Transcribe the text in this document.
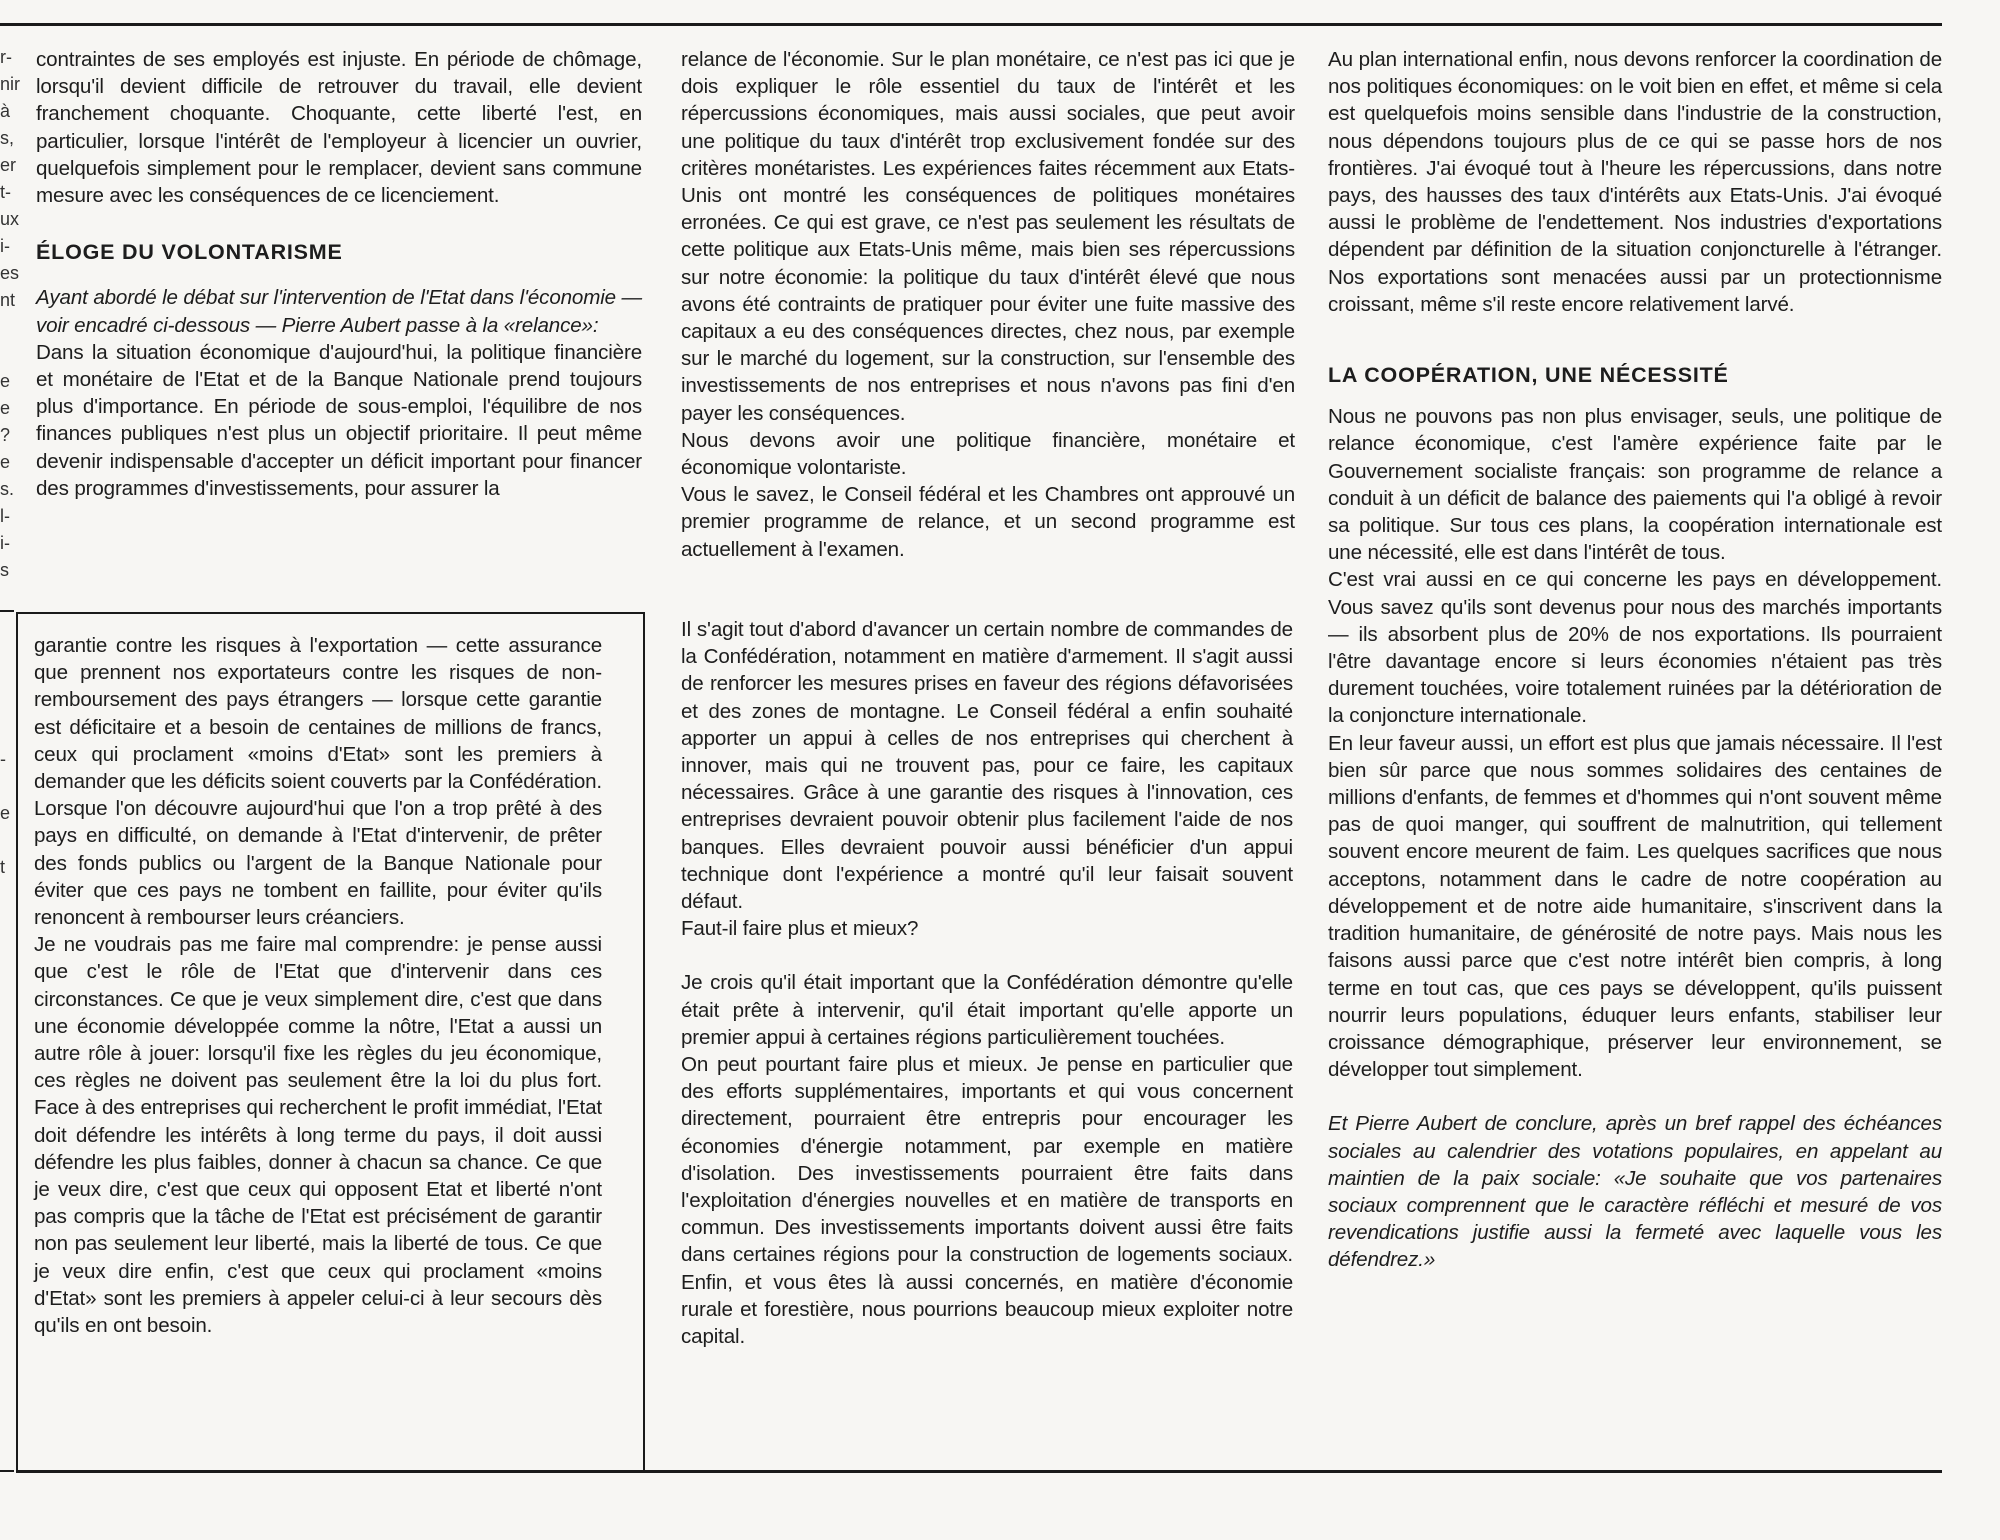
r-
nir
à
s,
er
t-
ux
i-
es
nt
e
e
?
e
s.
l-
i-
s
-
e
t

contraintes de ses employés est injuste. En période de chômage, lorsqu'il devient difficile de retrouver du travail, elle devient franchement choquante. Choquante, cette liberté l'est, en particulier, lorsque l'intérêt de l'employeur à licencier un ouvrier, quelquefois simplement pour le remplacer, devient sans commune mesure avec les conséquences de ce licenciement.

ÉLOGE DU VOLONTARISME

Ayant abordé le débat sur l'intervention de l'Etat dans l'économie — voir encadré ci-dessous — Pierre Aubert passe à la «relance»:

Dans la situation économique d'aujourd'hui, la politique financière et monétaire de l'Etat et de la Banque Nationale prend toujours plus d'importance. En période de sous-emploi, l'équilibre de nos finances publiques n'est plus un objectif prioritaire. Il peut même devenir indispensable d'accepter un déficit important pour financer des programmes d'investissements, pour assurer la

garantie contre les risques à l'exportation — cette assurance que prennent nos exportateurs contre les risques de non-remboursement des pays étrangers — lorsque cette garantie est déficitaire et a besoin de centaines de millions de francs, ceux qui proclament «moins d'Etat» sont les premiers à demander que les déficits soient couverts par la Confédération. Lorsque l'on découvre aujourd'hui que l'on a trop prêté à des pays en difficulté, on demande à l'Etat d'intervenir, de prêter des fonds publics ou l'argent de la Banque Nationale pour éviter que ces pays ne tombent en faillite, pour éviter qu'ils renoncent à rembourser leurs créanciers.

Je ne voudrais pas me faire mal comprendre: je pense aussi que c'est le rôle de l'Etat que d'intervenir dans ces circonstances. Ce que je veux simplement dire, c'est que dans une économie développée comme la nôtre, l'Etat a aussi un autre rôle à jouer: lorsqu'il fixe les règles du jeu économique, ces règles ne doivent pas seulement être la loi du plus fort. Face à des entreprises qui recherchent le profit immédiat, l'Etat doit défendre les intérêts à long terme du pays, il doit aussi défendre les plus faibles, donner à chacun sa chance. Ce que je veux dire, c'est que ceux qui opposent Etat et liberté n'ont pas compris que la tâche de l'Etat est précisément de garantir non pas seulement leur liberté, mais la liberté de tous. Ce que je veux dire enfin, c'est que ceux qui proclament «moins d'Etat» sont les premiers à appeler celui-ci à leur secours dès qu'ils en ont besoin.

relance de l'économie. Sur le plan monétaire, ce n'est pas ici que je dois expliquer le rôle essentiel du taux de l'intérêt et les répercussions économiques, mais aussi sociales, que peut avoir une politique du taux d'intérêt trop exclusivement fondée sur des critères monétaristes. Les expériences faites récemment aux Etats-Unis ont montré les conséquences de politiques monétaires erronées. Ce qui est grave, ce n'est pas seulement les résultats de cette politique aux Etats-Unis même, mais bien ses répercussions sur notre économie: la politique du taux d'intérêt élevé que nous avons été contraints de pratiquer pour éviter une fuite massive des capitaux a eu des conséquences directes, chez nous, par exemple sur le marché du logement, sur la construction, sur l'ensemble des investissements de nos entreprises et nous n'avons pas fini d'en payer les conséquences.

Nous devons avoir une politique financière, monétaire et économique volontariste.

Vous le savez, le Conseil fédéral et les Chambres ont approuvé un premier programme de relance, et un second programme est actuellement à l'examen.

Il s'agit tout d'abord d'avancer un certain nombre de commandes de la Confédération, notamment en matière d'armement. Il s'agit aussi de renforcer les mesures prises en faveur des régions défavorisées et des zones de montagne. Le Conseil fédéral a enfin souhaité apporter un appui à celles de nos entreprises qui cherchent à innover, mais qui ne trouvent pas, pour ce faire, les capitaux nécessaires. Grâce à une garantie des risques à l'innovation, ces entreprises devraient pouvoir obtenir plus facilement l'aide de nos banques. Elles devraient pouvoir aussi bénéficier d'un appui technique dont l'expérience a montré qu'il leur faisait souvent défaut.

Faut-il faire plus et mieux?

Je crois qu'il était important que la Confédération démontre qu'elle était prête à intervenir, qu'il était important qu'elle apporte un premier appui à certaines régions particulièrement touchées.

On peut pourtant faire plus et mieux. Je pense en particulier que des efforts supplémentaires, importants et qui vous concernent directement, pourraient être entrepris pour encourager les économies d'énergie notamment, par exemple en matière d'isolation. Des investissements pourraient être faits dans l'exploitation d'énergies nouvelles et en matière de transports en commun. Des investissements importants doivent aussi être faits dans certaines régions pour la construction de logements sociaux. Enfin, et vous êtes là aussi concernés, en matière d'économie rurale et forestière, nous pourrions beaucoup mieux exploiter notre capital.

Au plan international enfin, nous devons renforcer la coordination de nos politiques économiques: on le voit bien en effet, et même si cela est quelquefois moins sensible dans l'industrie de la construction, nous dépendons toujours plus de ce qui se passe hors de nos frontières. J'ai évoqué tout à l'heure les répercussions, dans notre pays, des hausses des taux d'intérêts aux Etats-Unis. J'ai évoqué aussi le problème de l'endettement. Nos industries d'exportations dépendent par définition de la situation conjoncturelle à l'étranger. Nos exportations sont menacées aussi par un protectionnisme croissant, même s'il reste encore relativement larvé.

LA COOPÉRATION, UNE NÉCESSITÉ

Nous ne pouvons pas non plus envisager, seuls, une politique de relance économique, c'est l'amère expérience faite par le Gouvernement socialiste français: son programme de relance a conduit à un déficit de balance des paiements qui l'a obligé à revoir sa politique. Sur tous ces plans, la coopération internationale est une nécessité, elle est dans l'intérêt de tous.

C'est vrai aussi en ce qui concerne les pays en développement. Vous savez qu'ils sont devenus pour nous des marchés importants — ils absorbent plus de 20% de nos exportations. Ils pourraient l'être davantage encore si leurs économies n'étaient pas très durement touchées, voire totalement ruinées par la détérioration de la conjoncture internationale.

En leur faveur aussi, un effort est plus que jamais nécessaire. Il l'est bien sûr parce que nous sommes solidaires des centaines de millions d'enfants, de femmes et d'hommes qui n'ont souvent même pas de quoi manger, qui souffrent de malnutrition, qui tellement souvent encore meurent de faim. Les quelques sacrifices que nous acceptons, notamment dans le cadre de notre coopération au développement et de notre aide humanitaire, s'inscrivent dans la tradition humanitaire, de générosité de notre pays. Mais nous les faisons aussi parce que c'est notre intérêt bien compris, à long terme en tout cas, que ces pays se développent, qu'ils puissent nourrir leurs populations, éduquer leurs enfants, stabiliser leur croissance démographique, préserver leur environnement, se développer tout simplement.

Et Pierre Aubert de conclure, après un bref rappel des échéances sociales au calendrier des votations populaires, en appelant au maintien de la paix sociale: «Je souhaite que vos partenaires sociaux comprennent que le caractère réfléchi et mesuré de vos revendications justifie aussi la fermeté avec laquelle vous les défendrez.»
